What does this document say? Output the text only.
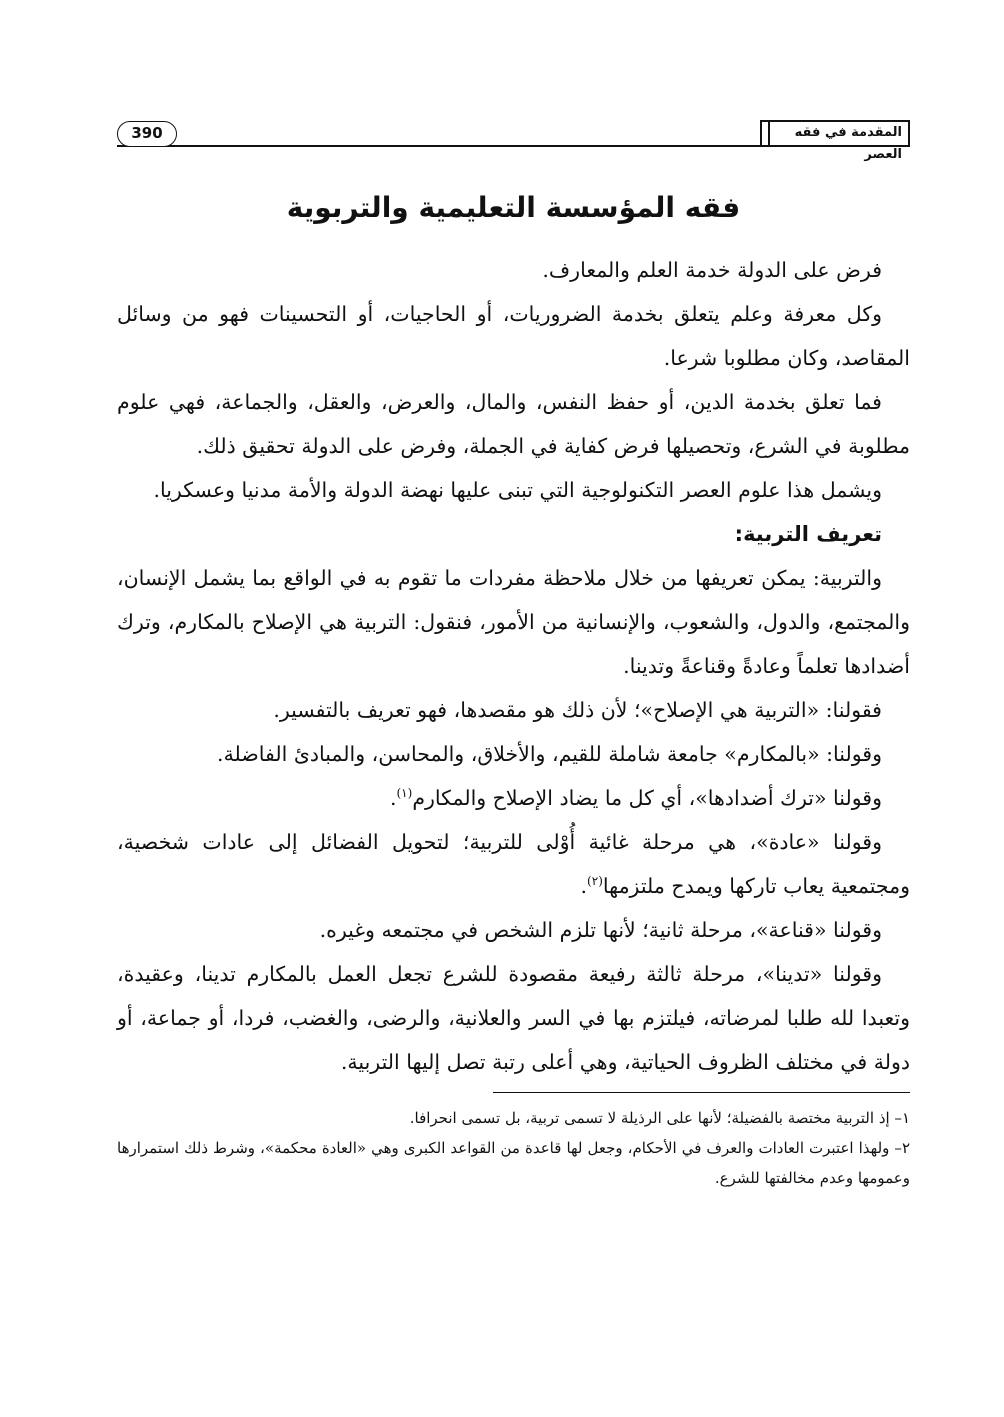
390	المقدمة في فقه العصر
فقه المؤسسة التعليمية والتربوية

فرض على الدولة خدمة العلم والمعارف.

وكل معرفة وعلم يتعلق بخدمة الضروريات، أو الحاجيات، أو التحسينات فهو من وسائل المقاصد، وكان مطلوبا شرعا.

فما تعلق بخدمة الدين، أو حفظ النفس، والمال، والعرض، والعقل، والجماعة، فهي علوم مطلوبة في الشرع، وتحصيلها فرض كفاية في الجملة، وفرض على الدولة تحقيق ذلك.

ويشمل هذا علوم العصر التكنولوجية التي تبنى عليها نهضة الدولة والأمة مدنيا وعسكريا.

تعريف التربية:

والتربية: يمكن تعريفها من خلال ملاحظة مفردات ما تقوم به في الواقع بما يشمل الإنسان، والمجتمع، والدول، والشعوب، والإنسانية من الأمور، فنقول: التربية هي الإصلاح بالمكارم، وترك أضدادها تعلماً وعادةً وقناعةً وتدينا.

فقولنا: «التربية هي الإصلاح»؛ لأن ذلك هو مقصدها، فهو تعريف بالتفسير.

وقولنا: «بالمكارم» جامعة شاملة للقيم، والأخلاق، والمحاسن، والمبادئ الفاضلة.

وقولنا «ترك أضدادها»، أي كل ما يضاد الإصلاح والمكارم$^{(١)}$.

وقولنا «عادة»، هي مرحلة غائية أُوْلى للتربية؛ لتحويل الفضائل إلى عادات شخصية، ومجتمعية يعاب تاركها ويمدح ملتزمها$^{(٢)}$.

وقولنا «قناعة»، مرحلة ثانية؛ لأنها تلزم الشخص في مجتمعه وغيره.

وقولنا «تدينا»، مرحلة ثالثة رفيعة مقصودة للشرع تجعل العمل بالمكارم تدينا، وعقيدة، وتعبدا لله طلبا لمرضاته، فيلتزم بها في السر والعلانية، والرضى، والغضب، فردا، أو جماعة، أو دولة في مختلف الظروف الحياتية، وهي أعلى رتبة تصل إليها التربية.

١– إذ التربية مختصة بالفضيلة؛ لأنها على الرذيلة لا تسمى تربية، بل تسمى انحرافا.

٢– ولهذا اعتبرت العادات والعرف في الأحكام، وجعل لها قاعدة من القواعد الكبرى وهي «العادة محكمة»، وشرط ذلك استمرارها وعمومها وعدم مخالفتها للشرع.
